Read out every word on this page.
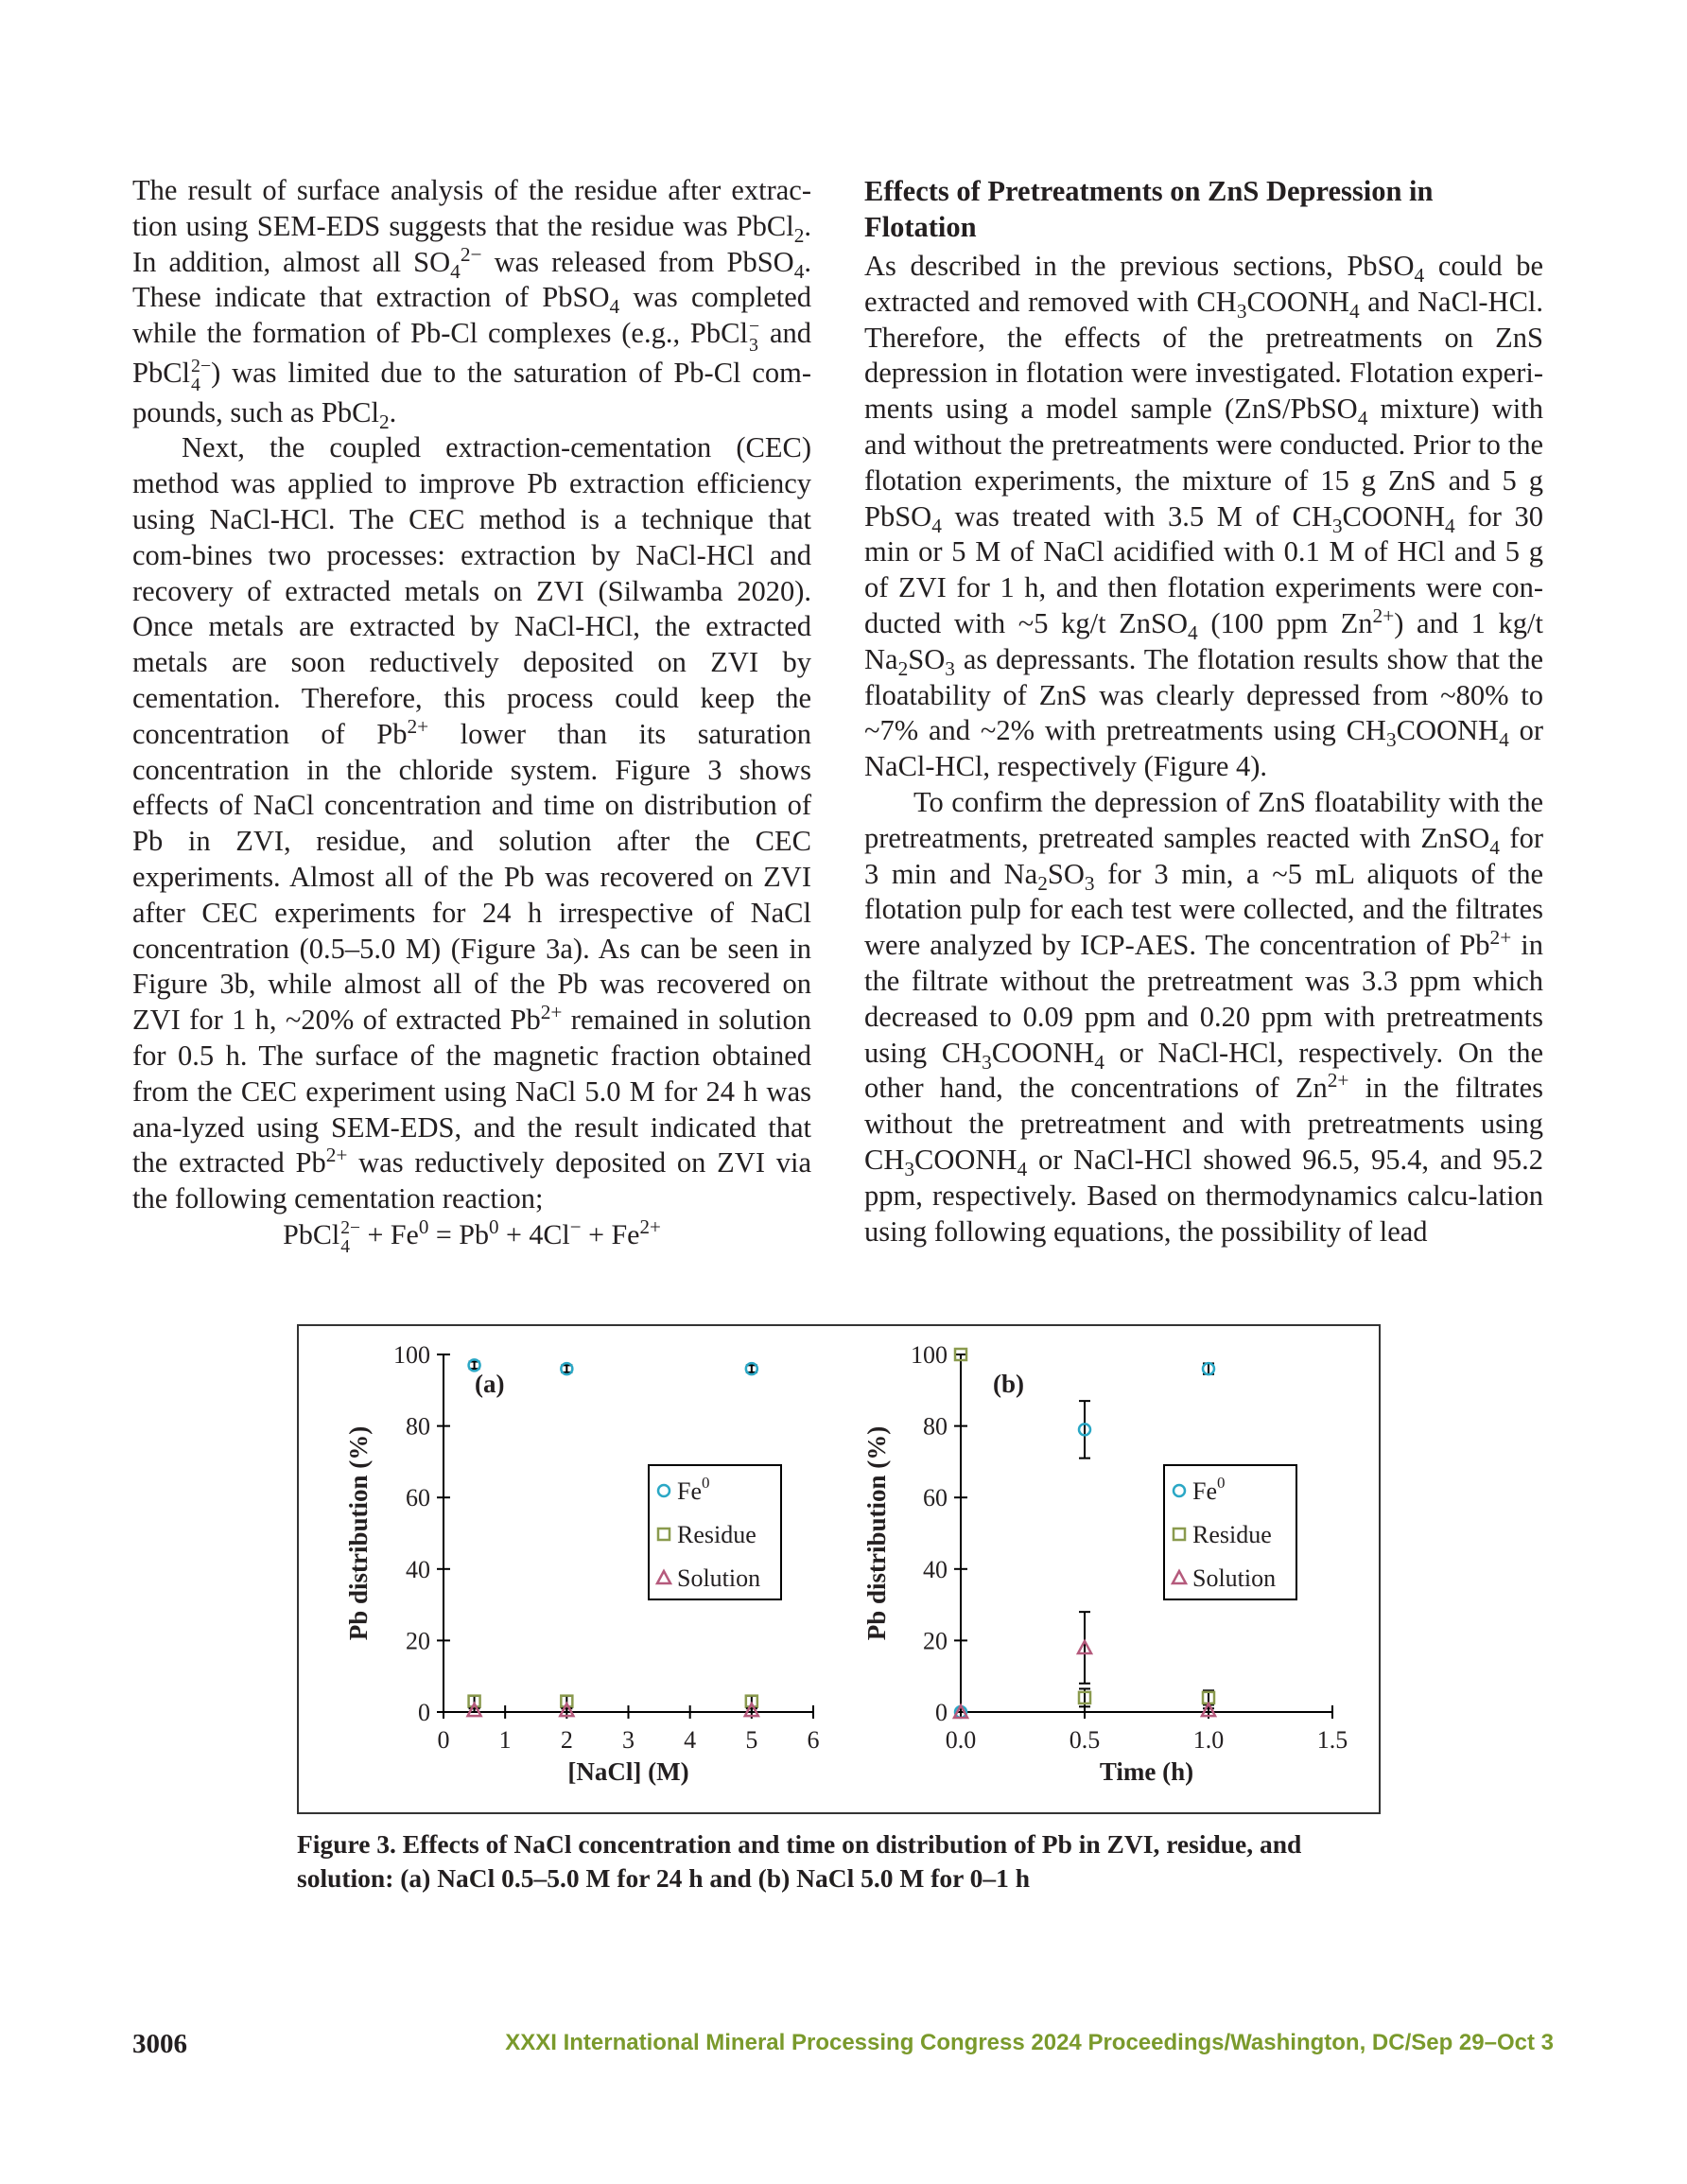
The result of surface analysis of the residue after extrac-tion using SEM-EDS suggests that the residue was PbCl$_2$. In addition, almost all $SO_4^{2-}$ was released from PbSO$_4$. These indicate that extraction of PbSO$_4$ was completed while the formation of Pb-Cl complexes (e.g., PbCl −
3 and PbCl 2−
4 ) was limited due to the saturation of Pb-Cl com-pounds, such as PbCl$_2$.

Next, the coupled extraction-cementation (CEC) method was applied to improve Pb extraction efficiency using NaCl-HCl. The CEC method is a technique that com-bines two processes: extraction by NaCl-HCl and recovery of extracted metals on ZVI (Silwamba 2020). Once metals are extracted by NaCl-HCl, the extracted metals are soon reductively deposited on ZVI by cementation. Therefore, this process could keep the concentration of $Pb^{2+}$ lower than its saturation concentration in the chloride system. Figure 3 shows effects of NaCl concentration and time on distribution of Pb in ZVI, residue, and solution after the CEC experiments. Almost all of the Pb was recovered on ZVI after CEC experiments for 24 h irrespective of NaCl concentration (0.5–5.0 M) (Figure 3a). As can be seen in Figure 3b, while almost all of the Pb was recovered on ZVI for 1 h, ~20% of extracted $Pb^{2+}$ remained in solution for 0.5 h. The surface of the magnetic fraction obtained from the CEC experiment using NaCl 5.0 M for 24 h was ana-lyzed using SEM-EDS, and the result indicated that the extracted $Pb^{2+}$ was reductively deposited on ZVI via the following cementation reaction;

PbCl 2−
$4 + Fe^0 = Pb^0 + 4Cl^- + Fe^{2+}$

Effects of Pretreatments on ZnS Depression in Flotation

As described in the previous sections, PbSO$_4$ could be extracted and removed with $CH_3COONH_4$ and NaCl-HCl. Therefore, the effects of the pretreatments on ZnS depression in flotation were investigated. Flotation experi-ments using a model sample (ZnS/PbSO$_4$ mixture) with and without the pretreatments were conducted. Prior to the flotation experiments, the mixture of 15 g ZnS and 5 g PbSO$_4$ was treated with 3.5 M of $CH_3COONH_4$ for 30 min or 5 M of NaCl acidified with 0.1 M of HCl and 5 g of ZVI for 1 h, and then flotation experiments were con-ducted with ~5 kg/t ZnSO$_4$ (100 ppm $Zn^{2+}$) and 1 kg/t $Na_2SO_3$ as depressants. The flotation results show that the floatability of ZnS was clearly depressed from ~80% to ~7% and ~2% with pretreatments using $CH_3COONH_4$ or NaCl-HCl, respectively (Figure 4).

To confirm the depression of ZnS floatability with the pretreatments, pretreated samples reacted with ZnSO$_4$ for 3 min and $Na_2SO_3$ for 3 min, a ~5 mL aliquots of the flotation pulp for each test were collected, and the filtrates were analyzed by ICP-AES. The concentration of $Pb^{2+}$ in the filtrate without the pretreatment was 3.3 ppm which decreased to 0.09 ppm and 0.20 ppm with pretreatments using $CH_3COONH_4$ or NaCl-HCl, respectively. On the other hand, the concentrations of $Zn^{2+}$ in the filtrates without the pretreatment and with pretreatments using $CH_3COONH_4$ or NaCl-HCl showed 96.5, 95.4, and 95.2 ppm, respectively. Based on thermodynamics calcu-lation using following equations, the possibility of lead

0
20
40
60
80
100
0 1 2 3 4 5 6
[NaCl] (M)
Pb distribution (%)
(a)
Fe 0
Residue
Solution
0
20
40
60
80
100
0.0	0.5	1.0	1.5
Time (h)
Pb distribution (%)
(b)
Fe 0
Residue
Solution
Figure 3. Effects of NaCl concentration and time on distribution of Pb in ZVI, residue, and solution: (a) NaCl 0.5–5.0 M for 24 h and (b) NaCl 5.0 M for 0–1 h
3006	XXXI International Mineral Processing Congress 2024 Proceedings/Washington, DC/Sep 29–Oct 3
